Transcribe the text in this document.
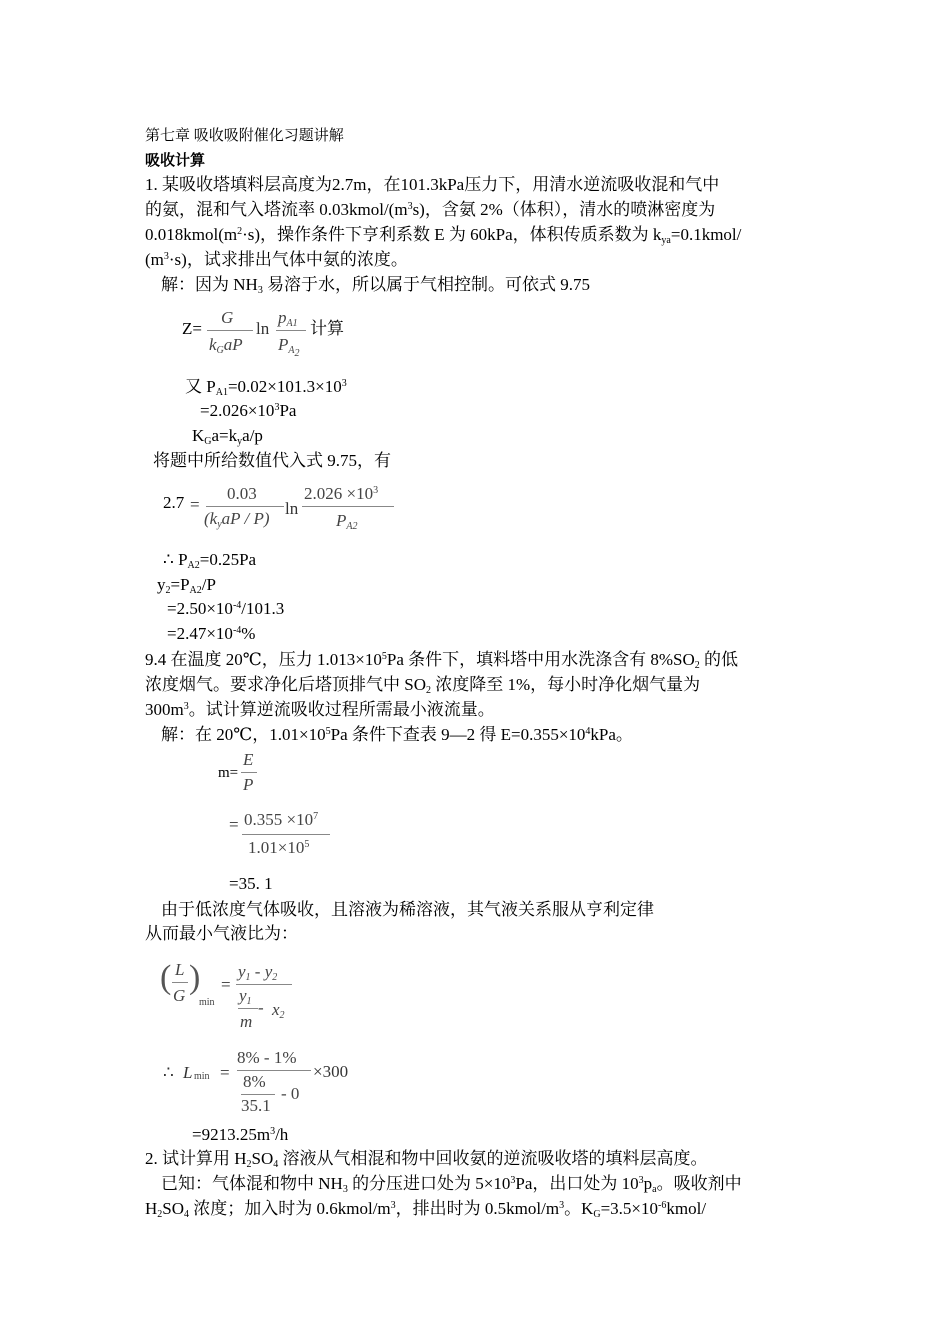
第七章 吸收吸附催化习题讲解
吸收计算
1. 某吸收塔填料层高度为2.7m，在101.3kPa压力下，用清水逆流吸收混和气中
的氨，混和气入塔流率 $0.03kmol/(m^3s)$，含氨 2%（体积），清水的喷淋密度为
$0.018kmol(m^2\cdot s)$，操作条件下亨利系数 E 为 60kPa，体积传质系数为 $k_{ya}=0.1kmol/$
$(m^3\cdot s)$，试求排出气体中氨的浓度。
解：因为 $NH_3$ 易溶于水，所以属于气相控制。可依式 9.75
Z=
G
$k_GaP$
ln
$p_{A1}$
$P_{A_2}$
计算
又 $P_{A1}=0.02\times 101.3\times 10^3$
$=2.026\times 10^3Pa$
$K_Ga=k_ya/p$
将题中所给数值代入式 9.75，有
2.7 =
0.03
$(k_yaP / P)$
ln
$2.026 \times 10^3$
$P_{A2}$
∴ $P_{A2}=0.25Pa$
$y_2=P_{A2}/P$
$=2.50\times 10^{-4}/101.3$
$=2.47\times 10^{-4}\%$
9.4 在温度 20℃，压力 $1.013\times 10^5Pa$ 条件下，填料塔中用水洗涤含有 $8\%SO_2$ 的低
浓度烟气。要求净化后塔顶排气中 $SO_2$ 浓度降至 1%，每小时净化烟气量为
$300m^3$。试计算逆流吸收过程所需最小液流量。
解：在 20℃，$1.01\times 10^5Pa$ 条件下查表 9—2 得 $E=0.355\times 10^4kPa$。
m=
E
P
= $0.355 \times 10^7$
$1.01\times 10^5$
=35. 1
由于低浓度气体吸收，且溶液为稀溶液，其气液关系服从亨利定律
从而最小气液比为：
( L
G )
min
=
$y_1 - y_2$
$y_1$
m
- $x_2$
∴ L min =
8% - 1%
8%
35.1
- 0
×300
$=9213.25m^3/h$
2. 试计算用 $H_2SO_4$ 溶液从气相混和物中回收氨的逆流吸收塔的填料层高度。
已知：气体混和物中 $NH_3$ 的分压进口处为 $5\times 10^3Pa$，出口处为 $10^3p_a$。吸收剂中
$H_2SO_4$ 浓度；加入时为 $0.6kmol/m^3$，排出时为 $0.5kmol/m^3$。$K_G=3.5\times 10^{-6}kmol/$
